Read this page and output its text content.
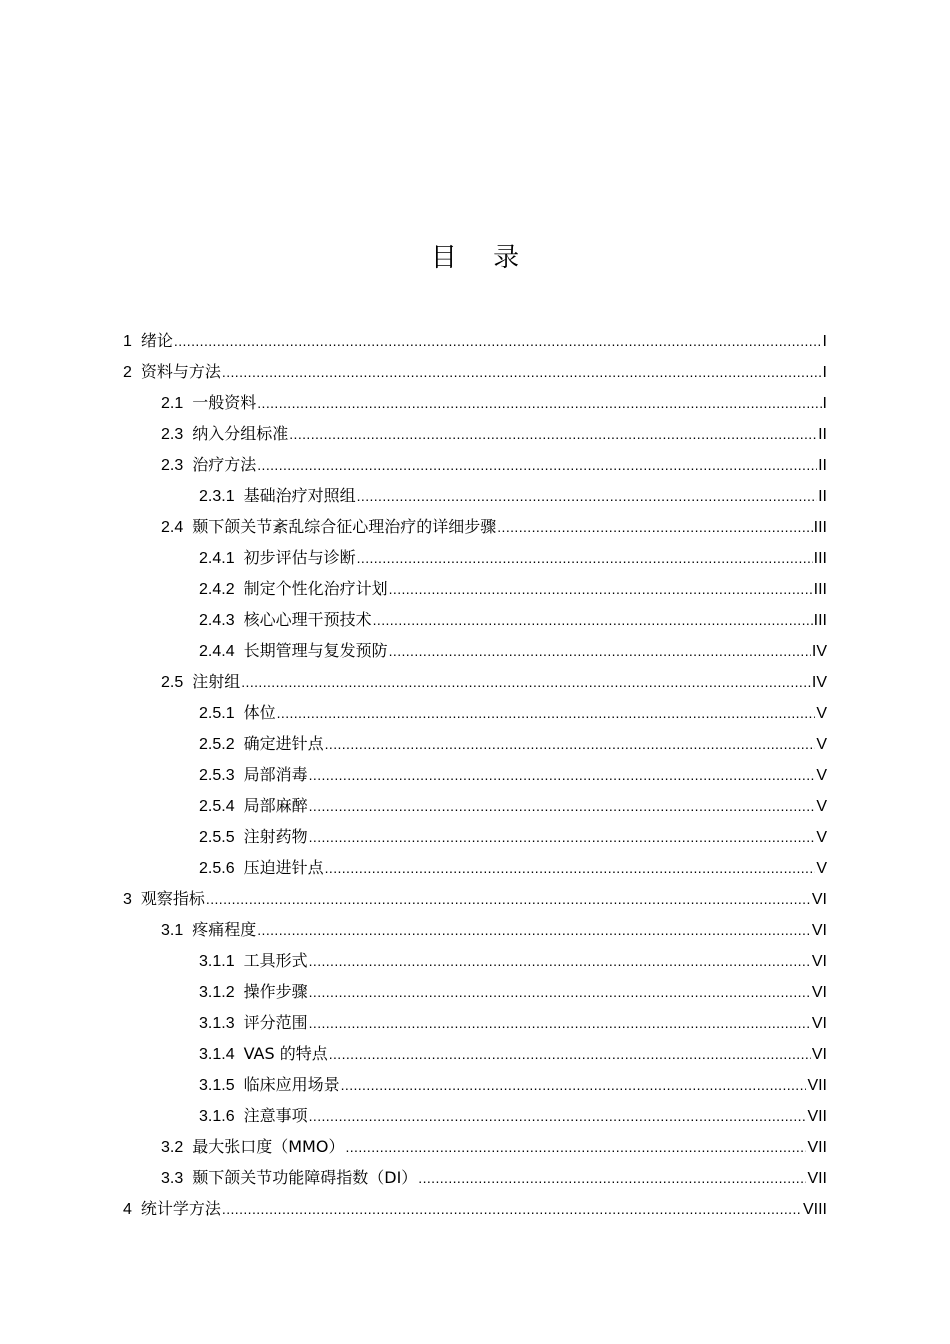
目 录
1 绪论 .....	I
2 资料与方法 .....	I
2.1 一般资料 .....	I
2.3 纳入分组标准 .....	II
2.3 治疗方法 .....	II
2.3.1 基础治疗对照组 .....	II
2.4 颞下颌关节紊乱综合征心理治疗的详细步骤 .....	III
2.4.1 初步评估与诊断 .....	III
2.4.2 制定个性化治疗计划 .....	III
2.4.3 核心心理干预技术 .....	III
2.4.4 长期管理与复发预防 .....	IV
2.5 注射组 .....	IV
2.5.1 体位 .....	V
2.5.2 确定进针点 .....	V
2.5.3 局部消毒 .....	V
2.5.4 局部麻醉 .....	V
2.5.5 注射药物 .....	V
2.5.6 压迫进针点 .....	V
3 观察指标 .....	VI
3.1 疼痛程度 .....	VI
3.1.1 工具形式 .....	VI
3.1.2 操作步骤 .....	VI
3.1.3 评分范围 .....	VI
3.1.4 VAS 的特点 .....	VI
3.1.5 临床应用场景 .....	VII
3.1.6 注意事项 .....	VII
3.2 最大张口度（MMO） .....	VII
3.3 颞下颌关节功能障碍指数（DI） .....	VII
4 统计学方法 .....	VIII
